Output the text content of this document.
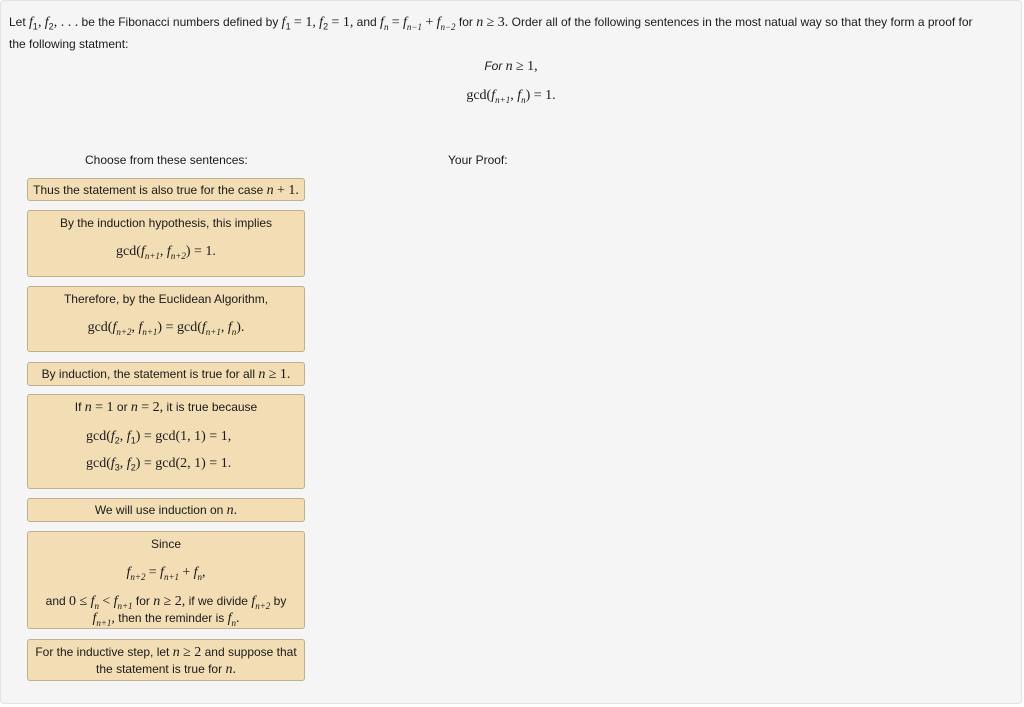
Let $f_1$, $f_2$, . . . be the Fibonacci numbers defined by $f_1 = 1$, $f_2 = 1$, and $f_n = f_{n-1} + f_{n-2}$ for n ≥ 3. Order all of the following sentences in the most natual way so that they form a proof for
the following statment:
For n ≥ 1,
$\gcd(f_{n+1}$, $f_n) = 1$.
Choose from these sentences:	Your Proof:
Thus the statement is also true for the case n + 1.
By the induction hypothesis, this implies
$\gcd(f_{n+1}$, $f_{n+2}) = 1$.
Therefore, by the Euclidean Algorithm,
$\gcd(f_{n+2}$, $f_{n+1}) = \gcd(f_{n+1}$, $f_n$).
By induction, the statement is true for all n ≥ 1.
If n = 1 or n = 2, it is true because
$\gcd(f_2$, $f_1) = \gcd(1$, 1) = 1,
$\gcd(f_3$, $f_2) = \gcd(2$, 1) = 1.
We will use induction on n.
Since
$f_{n+2} = f_{n+1} + f_n$,
and $0 \le f_n < f_{n+1}$ for n ≥ 2, if we divide $f_{n+2}$ by
$f_{n+1}$, then the reminder is $f_n$.
For the inductive step, let n ≥ 2 and suppose that
the statement is true for n.
